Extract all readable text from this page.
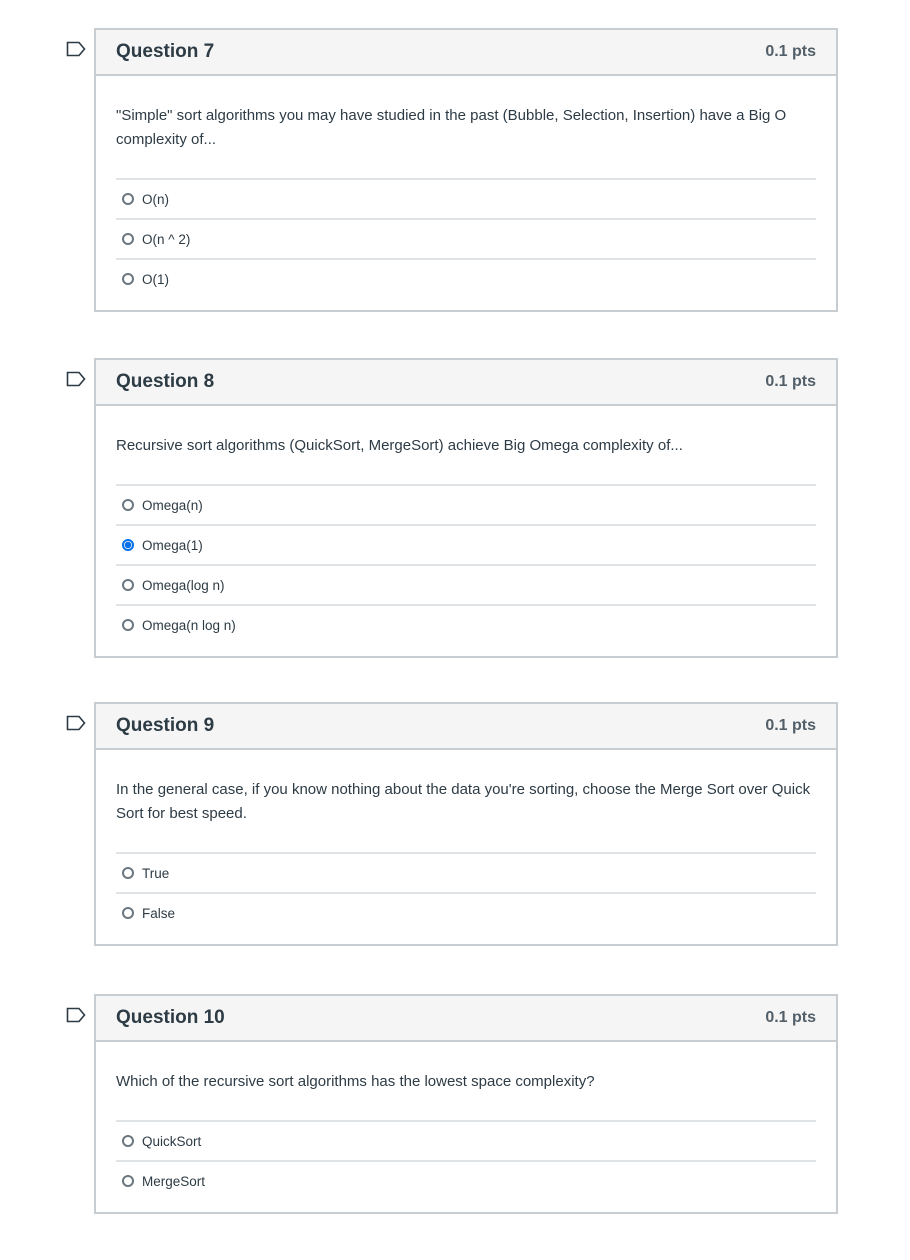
Question 7	0.1 pts
"Simple" sort algorithms you may have studied in the past (Bubble, Selection, Insertion) have a Big O complexity of...
O(n)
O(n ^ 2)
O(1)
Question 8	0.1 pts
Recursive sort algorithms (QuickSort, MergeSort) achieve Big Omega complexity of...
Omega(n)
Omega(1)
Omega(log n)
Omega(n log n)
Question 9	0.1 pts
In the general case, if you know nothing about the data you're sorting, choose the Merge Sort over Quick Sort for best speed.
True
False
Question 10	0.1 pts
Which of the recursive sort algorithms has the lowest space complexity?
QuickSort
MergeSort
